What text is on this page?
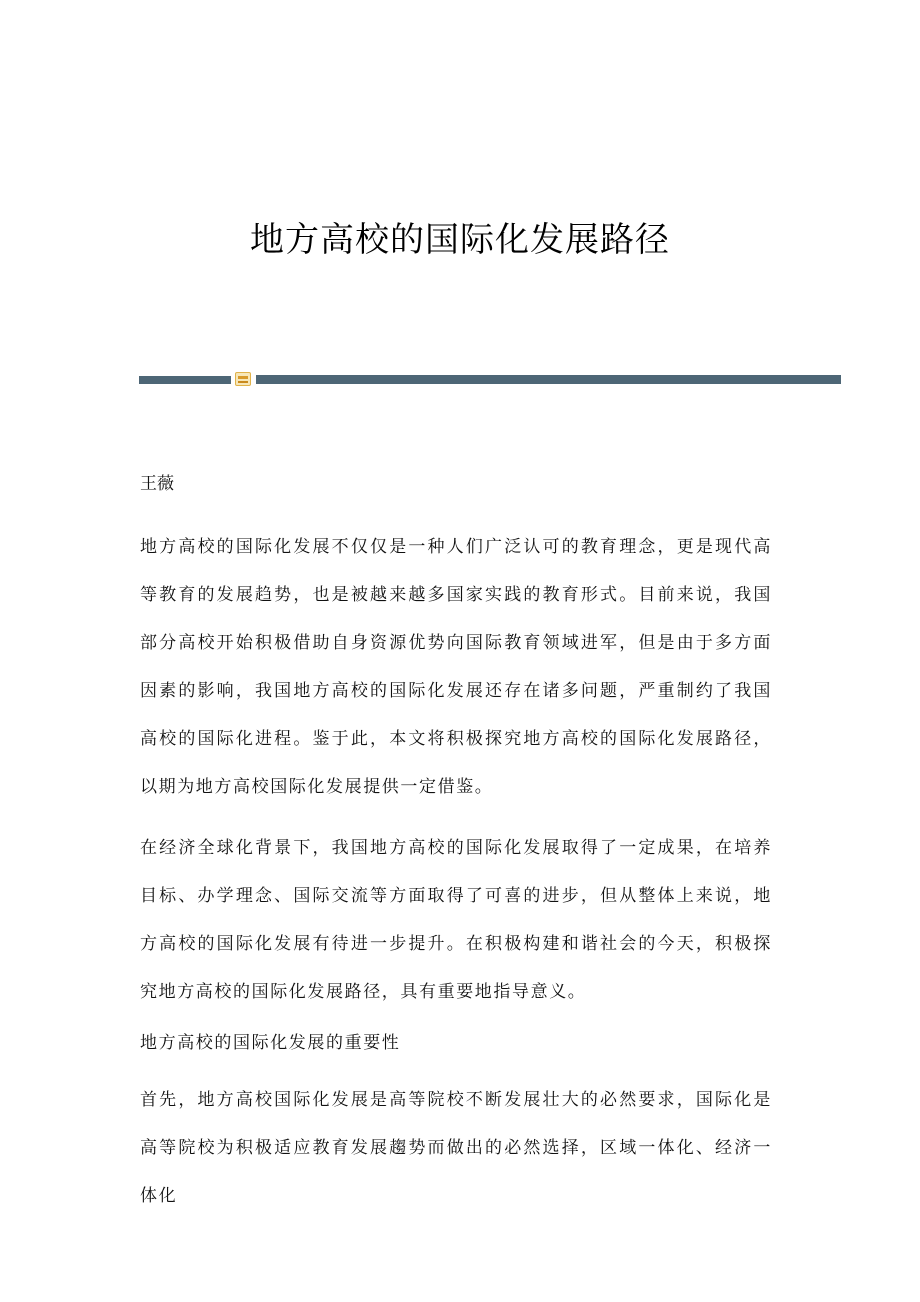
地方高校的国际化发展路径

王薇

地方高校的国际化发展不仅仅是一种人们广泛认可的教育理念，更是现代高等教育的发展趋势，也是被越来越多国家实践的教育形式。目前来说，我国部分高校开始积极借助自身资源优势向国际教育领域进军，但是由于多方面因素的影响，我国地方高校的国际化发展还存在诸多问题，严重制约了我国高校的国际化进程。鉴于此，本文将积极探究地方高校的国际化发展路径，以期为地方高校国际化发展提供一定借鉴。

在经济全球化背景下，我国地方高校的国际化发展取得了一定成果，在培养目标、办学理念、国际交流等方面取得了可喜的进步，但从整体上来说，地方高校的国际化发展有待进一步提升。在积极构建和谐社会的今天，积极探究地方高校的国际化发展路径，具有重要地指导意义。

地方高校的国际化发展的重要性

首先，地方高校国际化发展是高等院校不断发展壮大的必然要求，国际化是高等院校为积极适应教育发展趨势而做出的必然选择，区域一体化、经济一体化
